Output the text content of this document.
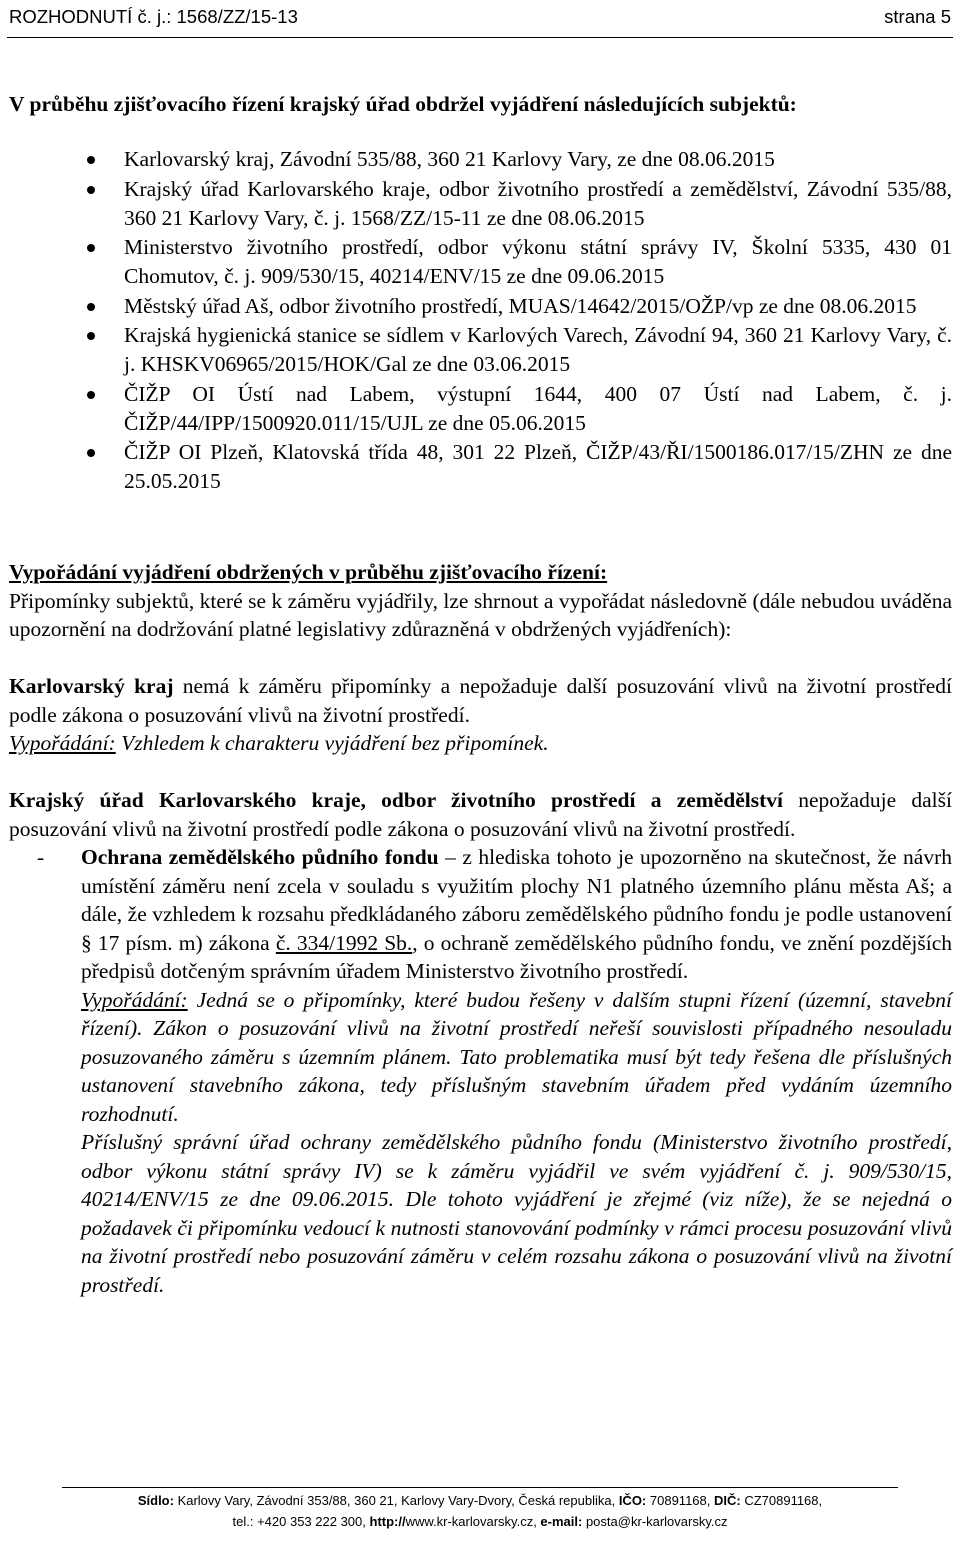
ROZHODNUTÍ č. j.: 1568/ZZ/15-13	strana 5

V průběhu zjišťovacího řízení krajský úřad obdržel vyjádření následujících subjektů:

Karlovarský kraj, Závodní 535/88, 360 21 Karlovy Vary, ze dne 08.06.2015
Krajský úřad Karlovarského kraje, odbor životního prostředí a zemědělství, Závodní 535/88, 360 21 Karlovy Vary, č. j. 1568/ZZ/15-11 ze dne 08.06.2015
Ministerstvo životního prostředí, odbor výkonu státní správy IV, Školní 5335, 430 01 Chomutov, č. j. 909/530/15, 40214/ENV/15 ze dne 09.06.2015
Městský úřad Aš, odbor životního prostředí, MUAS/14642/2015/OŽP/vp ze dne 08.06.2015
Krajská hygienická stanice se sídlem v Karlových Varech, Závodní 94, 360 21 Karlovy Vary, č. j. KHSKV06965/2015/HOK/Gal ze dne 03.06.2015
ČIŽP OI Ústí nad Labem, výstupní 1644, 400 07 Ústí nad Labem, č. j. ČIŽP/44/IPP/1500920.011/15/UJL ze dne 05.06.2015
ČIŽP OI Plzeň, Klatovská třída 48, 301 22 Plzeň, ČIŽP/43/ŘI/1500186.017/15/ZHN ze dne 25.05.2015

Vypořádání vyjádření obdržených v průběhu zjišťovacího řízení:

Připomínky subjektů, které se k záměru vyjádřily, lze shrnout a vypořádat následovně (dále nebudou uváděna upozornění na dodržování platné legislativy zdůrazněná v obdržených vyjádřeních):

Karlovarský kraj nemá k záměru připomínky a nepožaduje další posuzování vlivů na životní prostředí podle zákona o posuzování vlivů na životní prostředí.

Vypořádání: Vzhledem k charakteru vyjádření bez připomínek.

Krajský úřad Karlovarského kraje, odbor životního prostředí a zemědělství nepožaduje další posuzování vlivů na životní prostředí podle zákona o posuzování vlivů na životní prostředí.

- Ochrana zemědělského půdního fondu – z hlediska tohoto je upozorněno na skutečnost, že návrh umístění záměru není zcela v souladu s využitím plochy N1 platného územního plánu města Aš; a dále, že vzhledem k rozsahu předkládaného záboru zemědělského půdního fondu je podle ustanovení § 17 písm. m) zákona č. 334/1992 Sb., o ochraně zemědělského půdního fondu, ve znění pozdějších předpisů dotčeným správním úřadem Ministerstvo životního prostředí.

Vypořádání: Jedná se o připomínky, které budou řešeny v dalším stupni řízení (územní, stavební řízení). Zákon o posuzování vlivů na životní prostředí neřeší souvislosti případného nesouladu posuzovaného záměru s územním plánem. Tato problematika musí být tedy řešena dle příslušných ustanovení stavebního zákona, tedy příslušným stavebním úřadem před vydáním územního rozhodnutí.

Příslušný správní úřad ochrany zemědělského půdního fondu (Ministerstvo životního prostředí, odbor výkonu státní správy IV) se k záměru vyjádřil ve svém vyjádření č. j. 909/530/15, 40214/ENV/15 ze dne 09.06.2015. Dle tohoto vyjádření je zřejmé (viz níže), že se nejedná o požadavek či připomínku vedoucí k nutnosti stanovování podmínky v rámci procesu posuzování vlivů na životní prostředí nebo posuzování záměru v celém rozsahu zákona o posuzování vlivů na životní prostředí.

Sídlo: Karlovy Vary, Závodní 353/88, 360 21, Karlovy Vary-Dvory, Česká republika, IČO: 70891168, DIČ: CZ70891168,
tel.: +420 353 222 300, http://www.kr-karlovarsky.cz, e-mail: posta@kr-karlovarsky.cz
